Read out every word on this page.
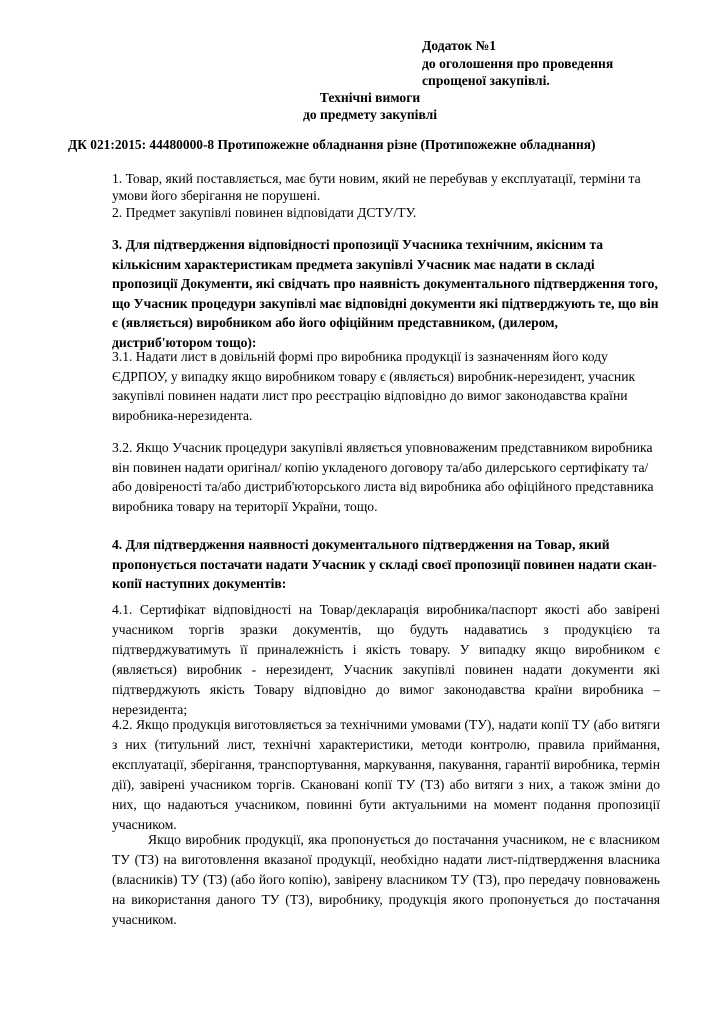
Додаток №1
до оголошення про проведення
спрощеної закупівлі.
Технічні вимоги
до предмету закупівлі
ДК 021:2015: 44480000-8 Протипожежне обладнання різне (Протипожежне обладнання)

1. Товар, який поставляється, має бути новим, який не перебував у експлуатації, терміни та умови його зберігання не порушені.

2. Предмет закупівлі повинен відповідати ДСТУ/ТУ.

3. Для підтвердження відповідності пропозиції Учасника технічним, якісним та кількісним характеристикам предмета закупівлі Учасник має надати в складі пропозиції Документи, які свідчать про наявність документального підтвердження того, що Учасник процедури закупівлі має відповідні документи які підтверджують те, що він є (являється) виробником або його офіційним представником, (дилером, дистриб'ютором тощо):
3.1. Надати лист в довільній формі про виробника продукції із зазначенням його коду ЄДРПОУ, у випадку якщо виробником товару є (являється) виробник-нерезидент, учасник закупівлі повинен надати лист про реєстрацію відповідно до вимог законодавства країни виробника-нерезидента.
3.2. Якщо Учасник процедури закупівлі являється уповноваженим представником виробника він повинен надати оригінал/ копію укладеного договору та/або дилерського сертифікату та/або довіреності та/або дистриб'юторського листа від виробника або офіційного представника виробника товару на території України, тощо.
4. Для підтвердження наявності документального підтвердження на Товар, який пропонується постачати надати Учасник у складі своєї пропозиції повинен надати скан- копії наступних документів:
4.1. Сертифікат відповідності на Товар/декларація виробника/паспорт якості або завірені учасником торгів зразки документів, що будуть надаватись з продукцією та підтверджуватимуть її приналежність і якість товару. У випадку якщо виробником є (являється) виробник - нерезидент, Учасник закупівлі повинен надати документи які підтверджують якість Товару відповідно до вимог законодавства країни виробника – нерезидента;
4.2. Якщо продукція виготовляється за технічними умовами (ТУ), надати копії ТУ (або витяги з них (титульний лист, технічні характеристики, методи контролю, правила приймання, експлуатації, зберігання, транспортування, маркування, пакування, гарантії виробника, термін дії), завірені учасником торгів. Скановані копії ТУ (ТЗ) або витяги з них, а також зміни до них, що надаються учасником, повинні бути актуальними на момент подання пропозиції учасником.
Якщо виробник продукції, яка пропонується до постачання учасником, не є власником ТУ (ТЗ) на виготовлення вказаної продукції, необхідно надати лист-підтвердження власника (власників) ТУ (ТЗ) (або його копію), завірену власником ТУ (ТЗ), про передачу повноважень на використання даного ТУ (ТЗ), виробнику, продукція якого пропонується до постачання учасником.
